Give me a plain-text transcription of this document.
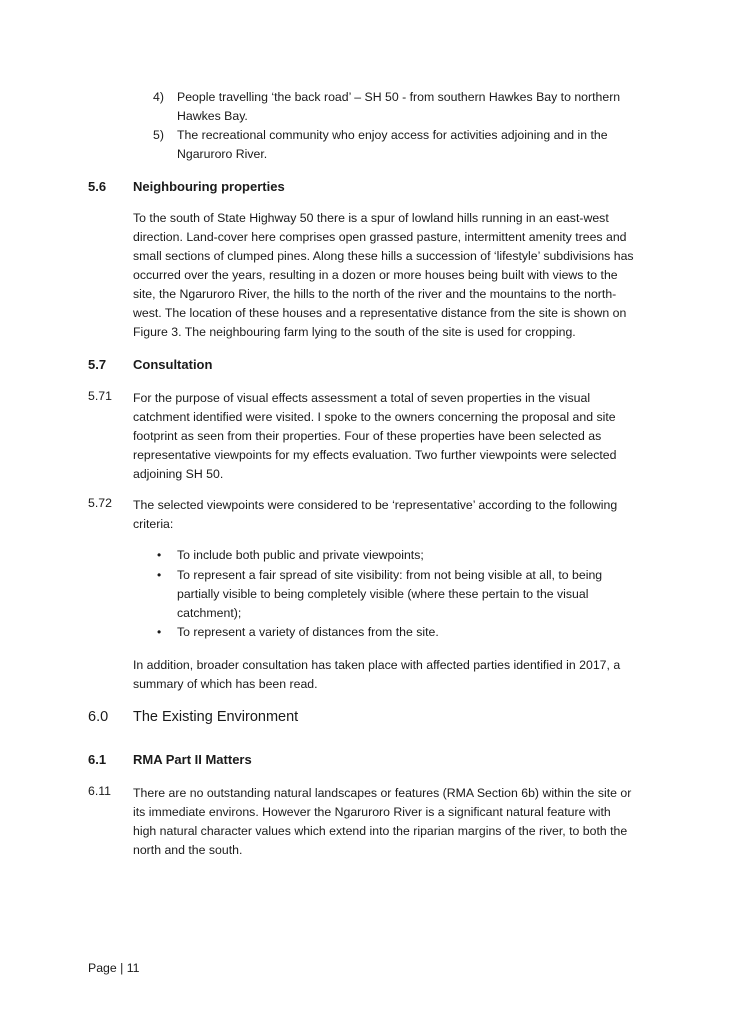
4) People travelling ‘the back road’ – SH 50 - from southern Hawkes Bay to northern
Hawkes Bay.
5) The recreational community who enjoy access for activities adjoining and in the
Ngaruroro River.
5.6 Neighbouring properties
To the south of State Highway 50 there is a spur of lowland hills running in an east-west
direction. Land-cover here comprises open grassed pasture, intermittent amenity trees and
small sections of clumped pines. Along these hills a succession of ‘lifestyle’ subdivisions has
occurred over the years, resulting in a dozen or more houses being built with views to the
site, the Ngaruroro River, the hills to the north of the river and the mountains to the north-
west. The location of these houses and a representative distance from the site is shown on
Figure 3. The neighbouring farm lying to the south of the site is used for cropping.
5.7 Consultation
5.71 For the purpose of visual effects assessment a total of seven properties in the visual
catchment identified were visited. I spoke to the owners concerning the proposal and site
footprint as seen from their properties. Four of these properties have been selected as
representative viewpoints for my effects evaluation. Two further viewpoints were selected
adjoining SH 50.
5.72 The selected viewpoints were considered to be ‘representative’ according to the following
criteria:
• To include both public and private viewpoints;
• To represent a fair spread of site visibility: from not being visible at all, to being
partially visible to being completely visible (where these pertain to the visual
catchment);
• To represent a variety of distances from the site.
In addition, broader consultation has taken place with affected parties identified in 2017, a
summary of which has been read.
6.0 The Existing Environment
6.1 RMA Part II Matters
6.11 There are no outstanding natural landscapes or features (RMA Section 6b) within the site or
its immediate environs. However the Ngaruroro River is a significant natural feature with
high natural character values which extend into the riparian margins of the river, to both the
north and the south.
Page | 11
